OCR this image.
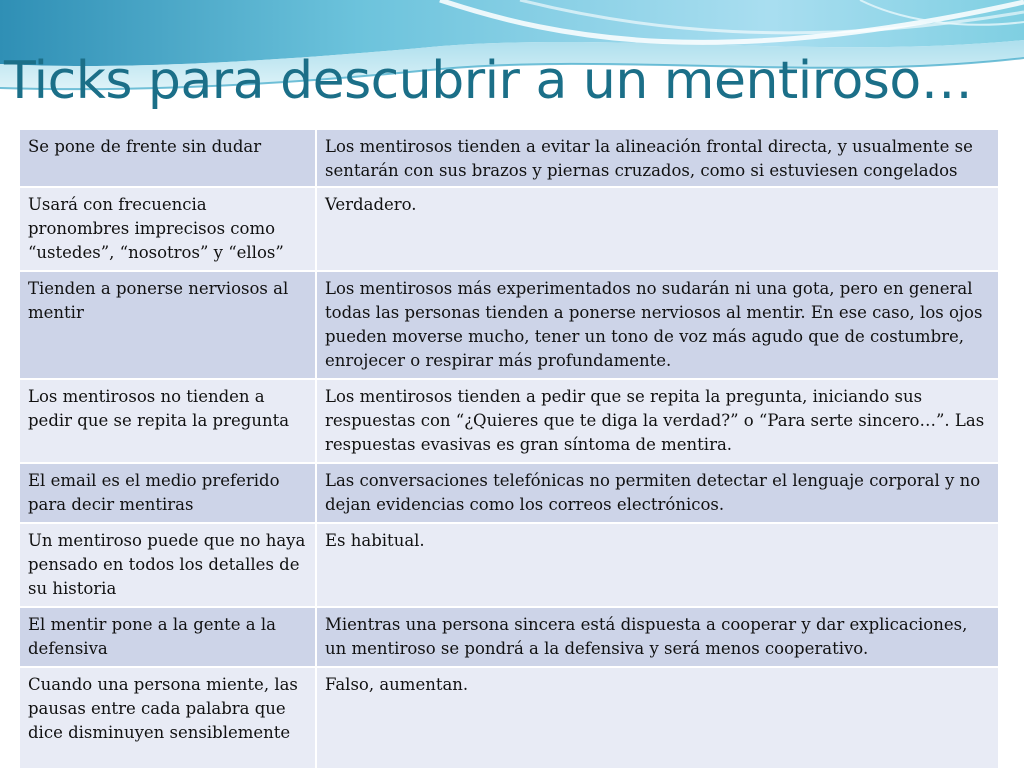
Ticks para descubrir a un mentiroso…
Se pone de frente sin dudar	Los mentirosos tienden a evitar la alineación frontal directa, y usualmente se sentarán con sus brazos y piernas cruzados, como si estuviesen congelados
Usará con frecuencia pronombres imprecisos como “ustedes”, “nosotros” y “ellos”	Verdadero.
Tienden a ponerse nerviosos al mentir	Los mentirosos más experimentados no sudarán ni una gota, pero en general todas las personas tienden a ponerse nerviosos al mentir. En ese caso, los ojos pueden moverse mucho, tener un tono de voz más agudo que de costumbre, enrojecer o respirar más profundamente.
Los mentirosos no tienden a pedir que se repita la pregunta	Los mentirosos tienden a pedir que se repita la pregunta, iniciando sus respuestas con “¿Quieres que te diga la verdad?” o “Para serte sincero…”. Las respuestas evasivas es gran síntoma de mentira.
El email es el medio preferido para decir mentiras	Las conversaciones telefónicas no permiten detectar el lenguaje corporal y no dejan evidencias como los correos electrónicos.
Un mentiroso puede que no haya pensado en todos los detalles de su historia	Es habitual.
El mentir pone a la gente a la defensiva	Mientras una persona sincera está dispuesta a cooperar y dar explicaciones, un mentiroso se pondrá a la defensiva y será menos cooperativo.
Cuando una persona miente, las pausas entre cada palabra que dice disminuyen sensiblemente	Falso, aumentan.
